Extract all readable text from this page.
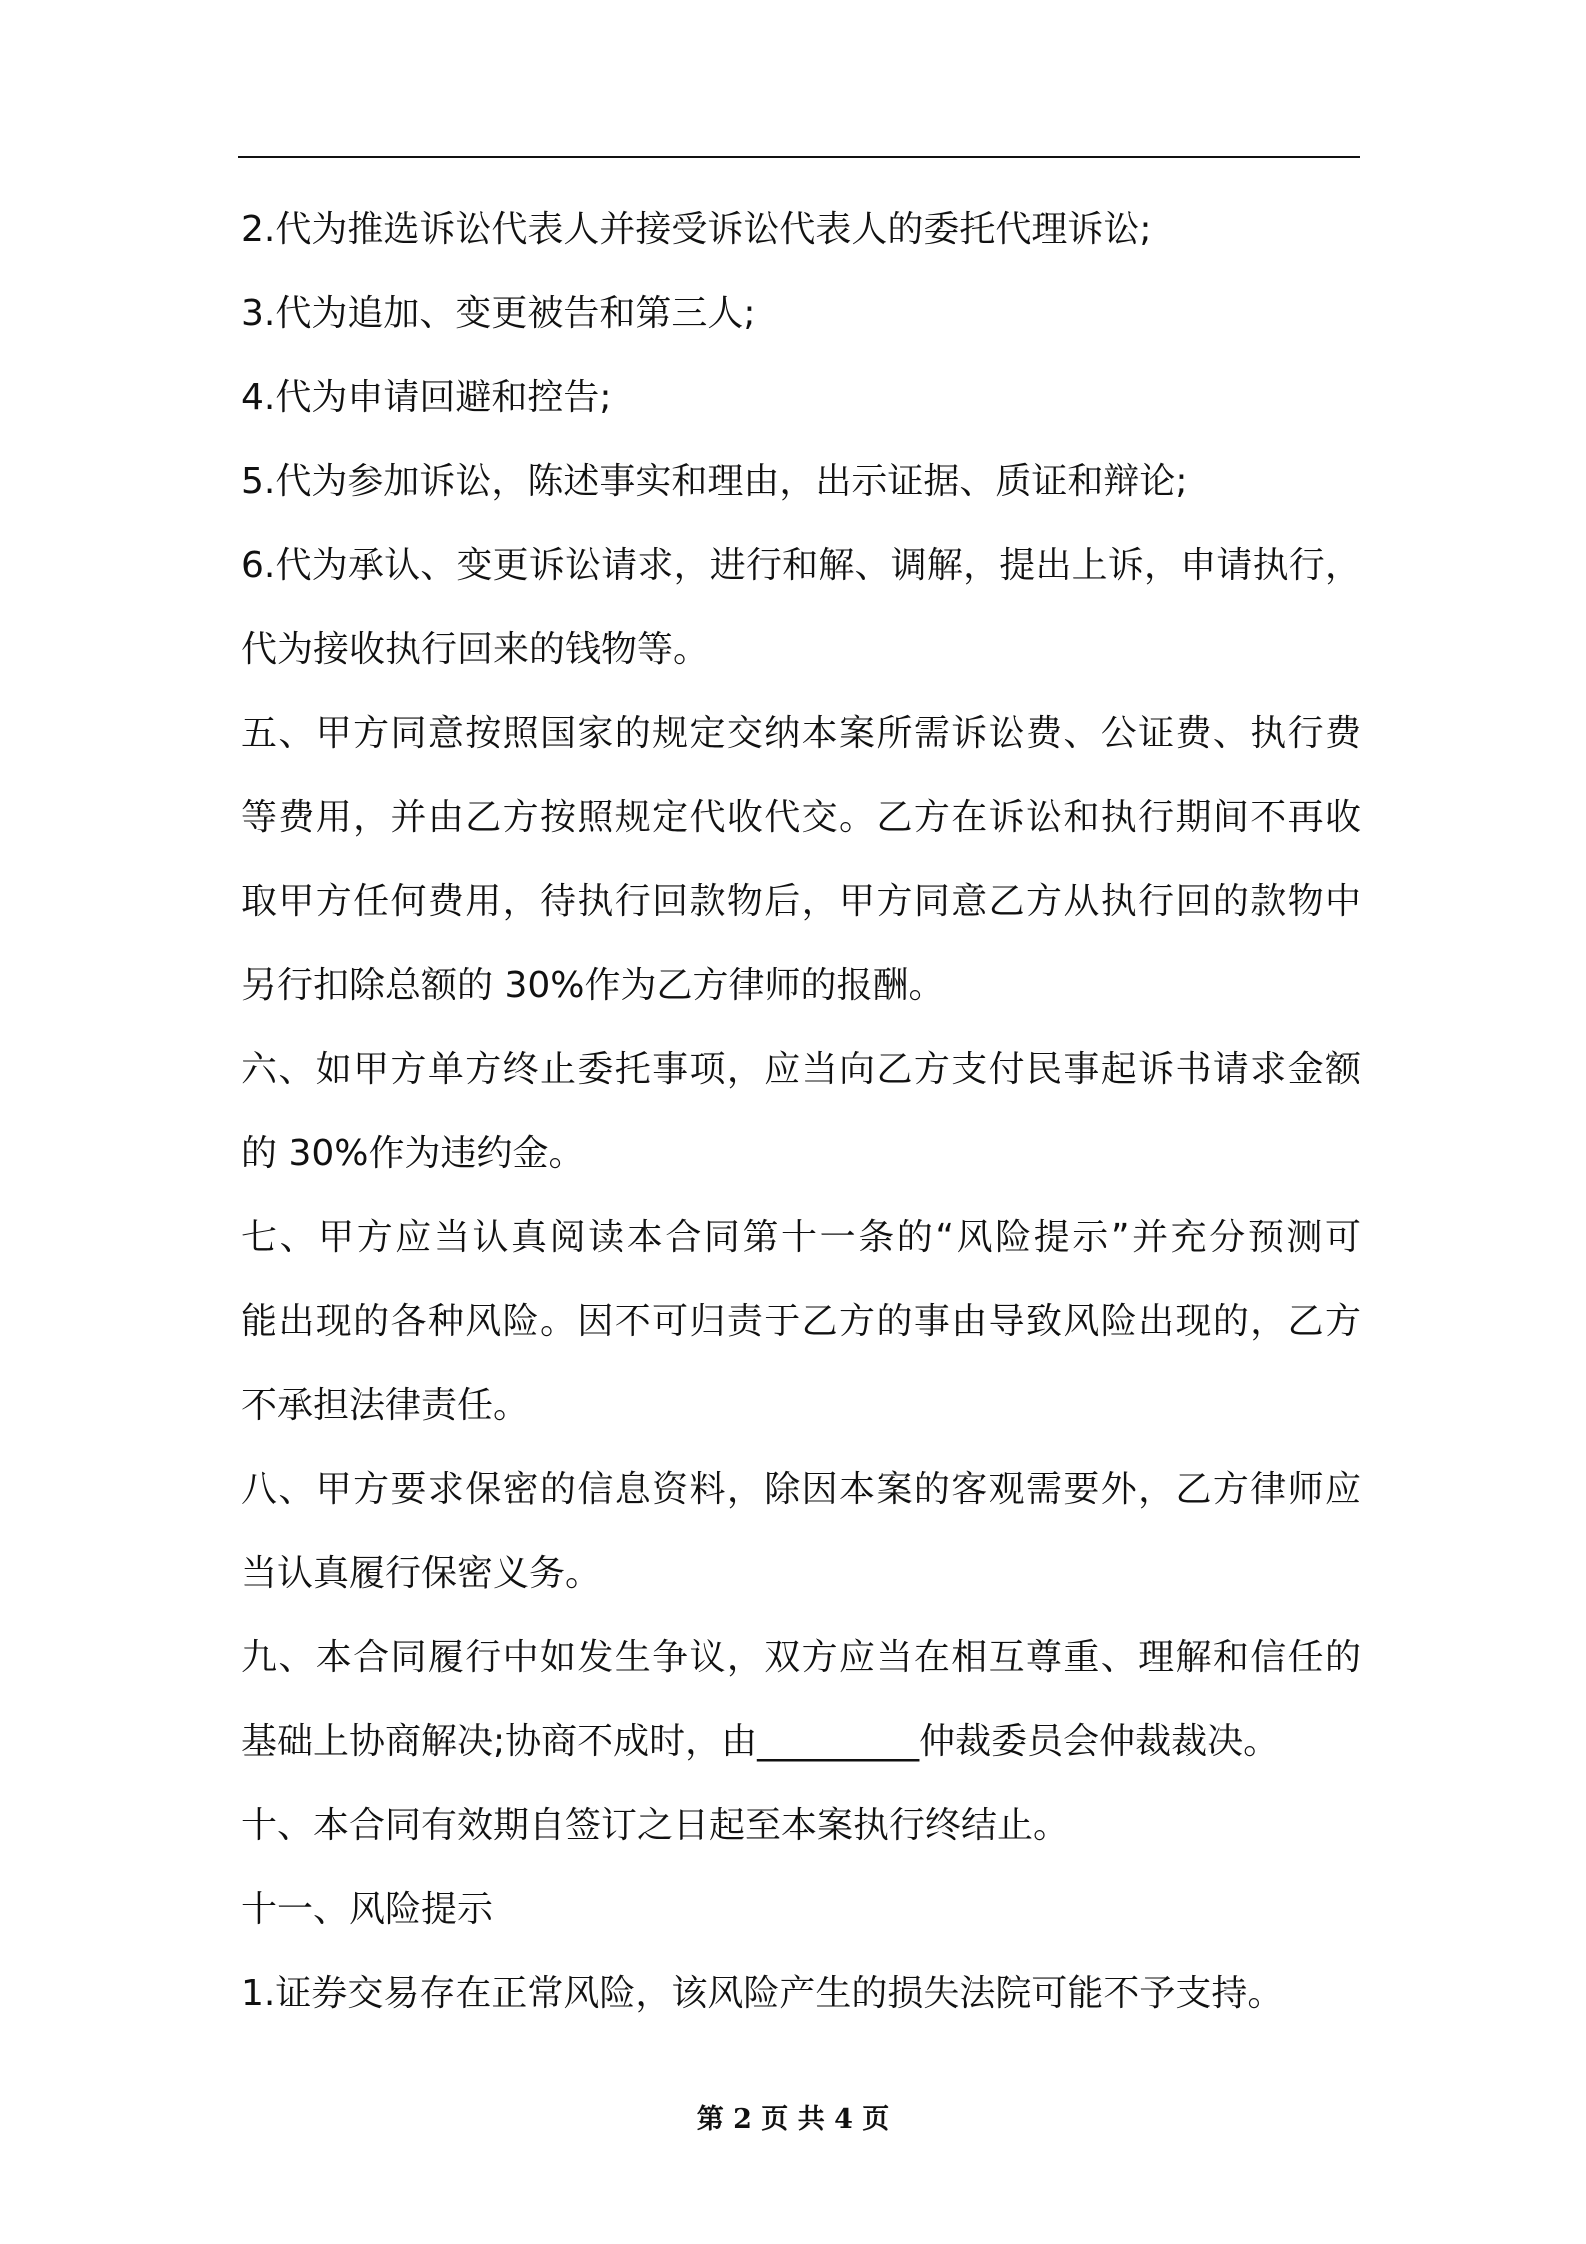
2.代为推选诉讼代表人并接受诉讼代表人的委托代理诉讼;
3.代为追加、变更被告和第三人;
4.代为申请回避和控告;
5.代为参加诉讼，陈述事实和理由，出示证据、质证和辩论;
6.代为承认、变更诉讼请求，进行和解、调解，提出上诉，申请执行，
代为接收执行回来的钱物等。
五、甲方同意按照国家的规定交纳本案所需诉讼费、公证费、执行费
等费用，并由乙方按照规定代收代交。乙方在诉讼和执行期间不再收
取甲方任何费用，待执行回款物后，甲方同意乙方从执行回的款物中
另行扣除总额的 30%作为乙方律师的报酬。
六、如甲方单方终止委托事项，应当向乙方支付民事起诉书请求金额
的 30%作为违约金。
七、甲方应当认真阅读本合同第十一条的“风险提示”并充分预测可
能出现的各种风险。因不可归责于乙方的事由导致风险出现的，乙方
不承担法律责任。
八、甲方要求保密的信息资料，除因本案的客观需要外，乙方律师应
当认真履行保密义务。
九、本合同履行中如发生争议，双方应当在相互尊重、理解和信任的
基础上协商解决;协商不成时，由_________仲裁委员会仲裁裁决。
十、本合同有效期自签订之日起至本案执行终结止。
十一、风险提示
1.证券交易存在正常风险，该风险产生的损失法院可能不予支持。
第 2 页 共 4 页
